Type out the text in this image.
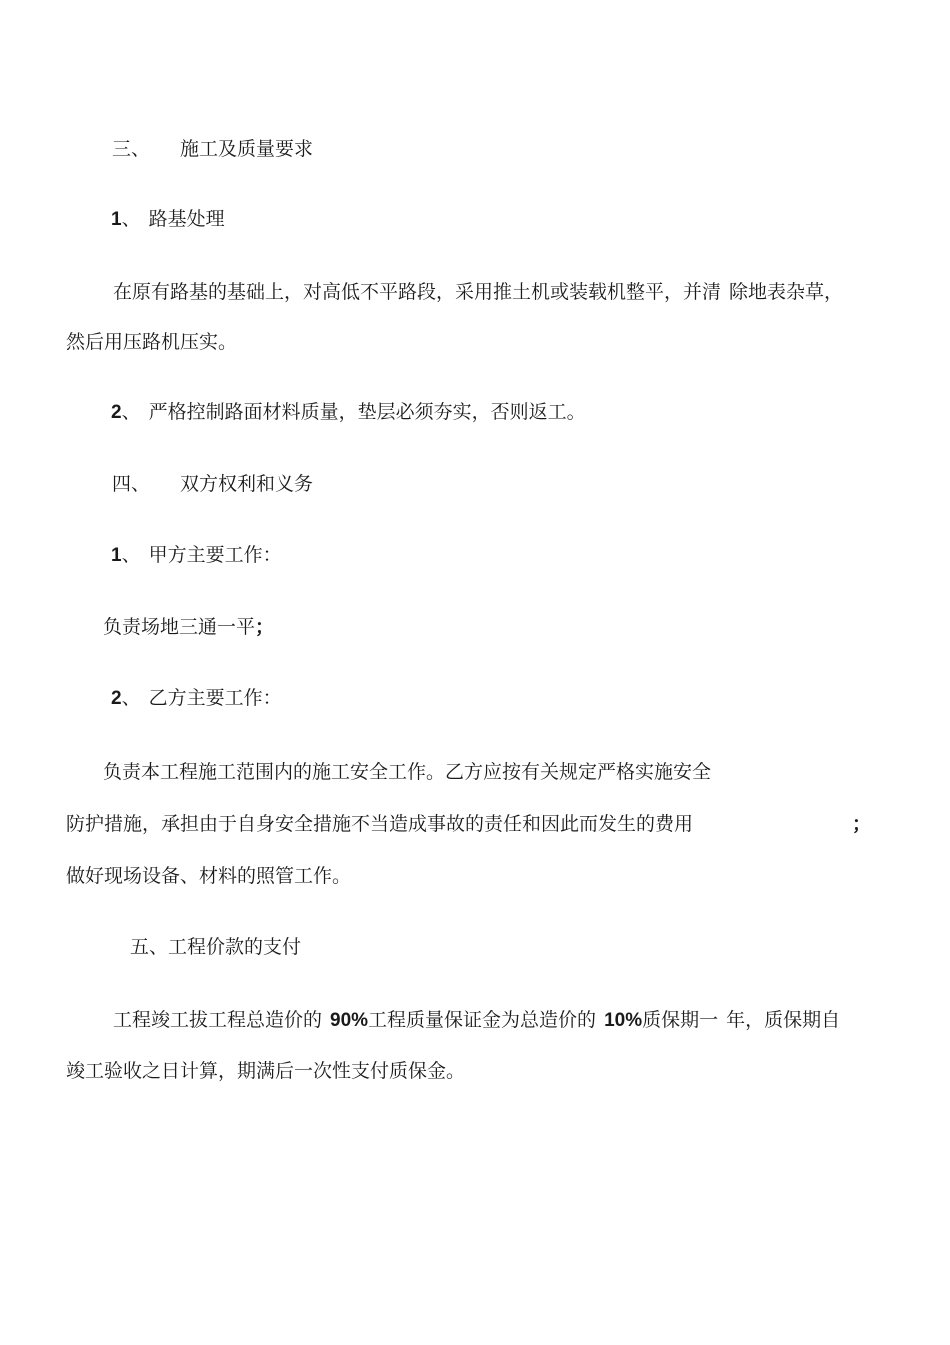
三、 施工及质量要求
1、 路基处理
在原有路基的基础上，对高低不平路段，采用推土机或装载机整平，并清 除地表杂草，
然后用压路机压实。
2、 严格控制路面材料质量，垫层必须夯实，否则返工。
四、 双方权利和义务
1、 甲方主要工作：
负责场地三通一平；
2、 乙方主要工作：
负责本工程施工范围内的施工安全工作。乙方应按有关规定严格实施安全
防护措施，承担由于自身安全措施不当造成事故的责任和因此而发生的费用	；
做好现场设备、材料的照管工作。
五、工程价款的支付
工程竣工拔工程总造价的 90%工程质量保证金为总造价的 10%质保期一 年，质保期自
竣工验收之日计算，期满后一次性支付质保金。
